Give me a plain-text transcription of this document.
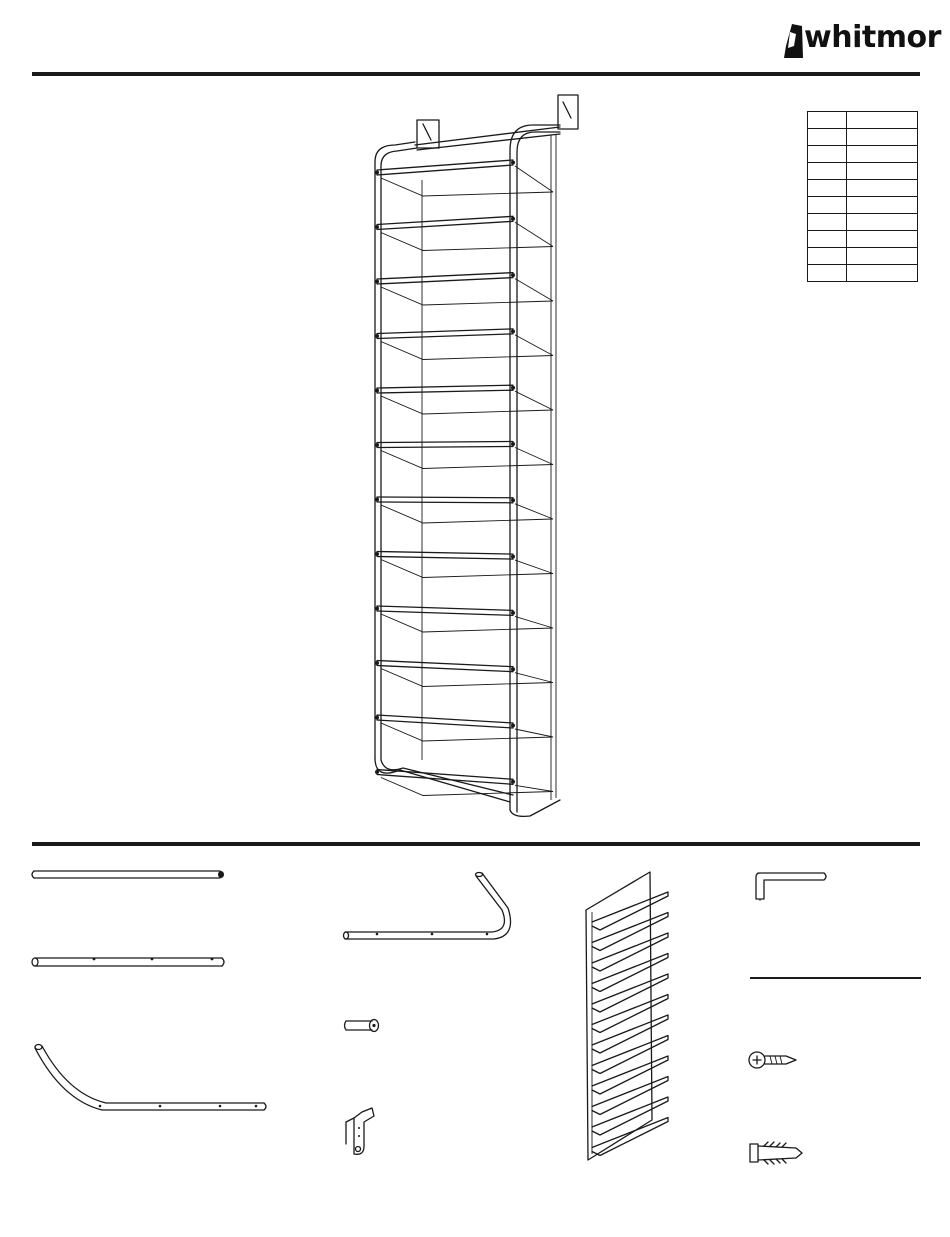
whitmor
